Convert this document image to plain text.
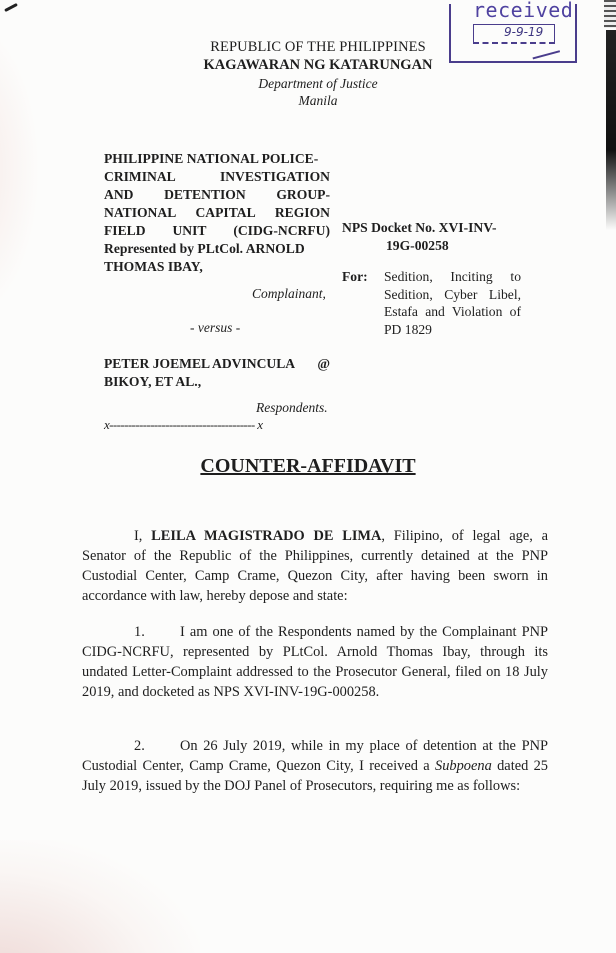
received
9-9-19
REPUBLIC OF THE PHILIPPINES
KAGAWARAN NG KATARUNGAN
Department of Justice
Manila
PHILIPPINE NATIONAL POLICE-
CRIMINAL	INVESTIGATION
AND DETENTION GROUP-
NATIONAL CAPITAL REGION
FIELD UNIT (CIDG-NCRFU)
Represented by PLtCol. ARNOLD
THOMAS IBAY,
NPS Docket No. XVI-INV-
19G-00258
For:	Sedition, Inciting to Sedition, Cyber Libel, Estafa and Violation of PD 1829
Complainant,
- versus -
PETER JOEMEL ADVINCULA @
BIKOY, ET AL.,
Respondents.
x--------------------------------------- x
COUNTER-AFFIDAVIT
I, LEILA MAGISTRADO DE LIMA, Filipino, of legal age, a Senator of the Republic of the Philippines, currently detained at the PNP Custodial Center, Camp Crame, Quezon City, after having been sworn in accordance with law, hereby depose and state:
1. I am one of the Respondents named by the Complainant PNP CIDG-NCRFU, represented by PLtCol. Arnold Thomas Ibay, through its undated Letter-Complaint addressed to the Prosecutor General, filed on 18 July 2019, and docketed as NPS XVI-INV-19G-000258.
2. On 26 July 2019, while in my place of detention at the PNP Custodial Center, Camp Crame, Quezon City, I received a Subpoena dated 25 July 2019, issued by the DOJ Panel of Prosecutors, requiring me as follows:
